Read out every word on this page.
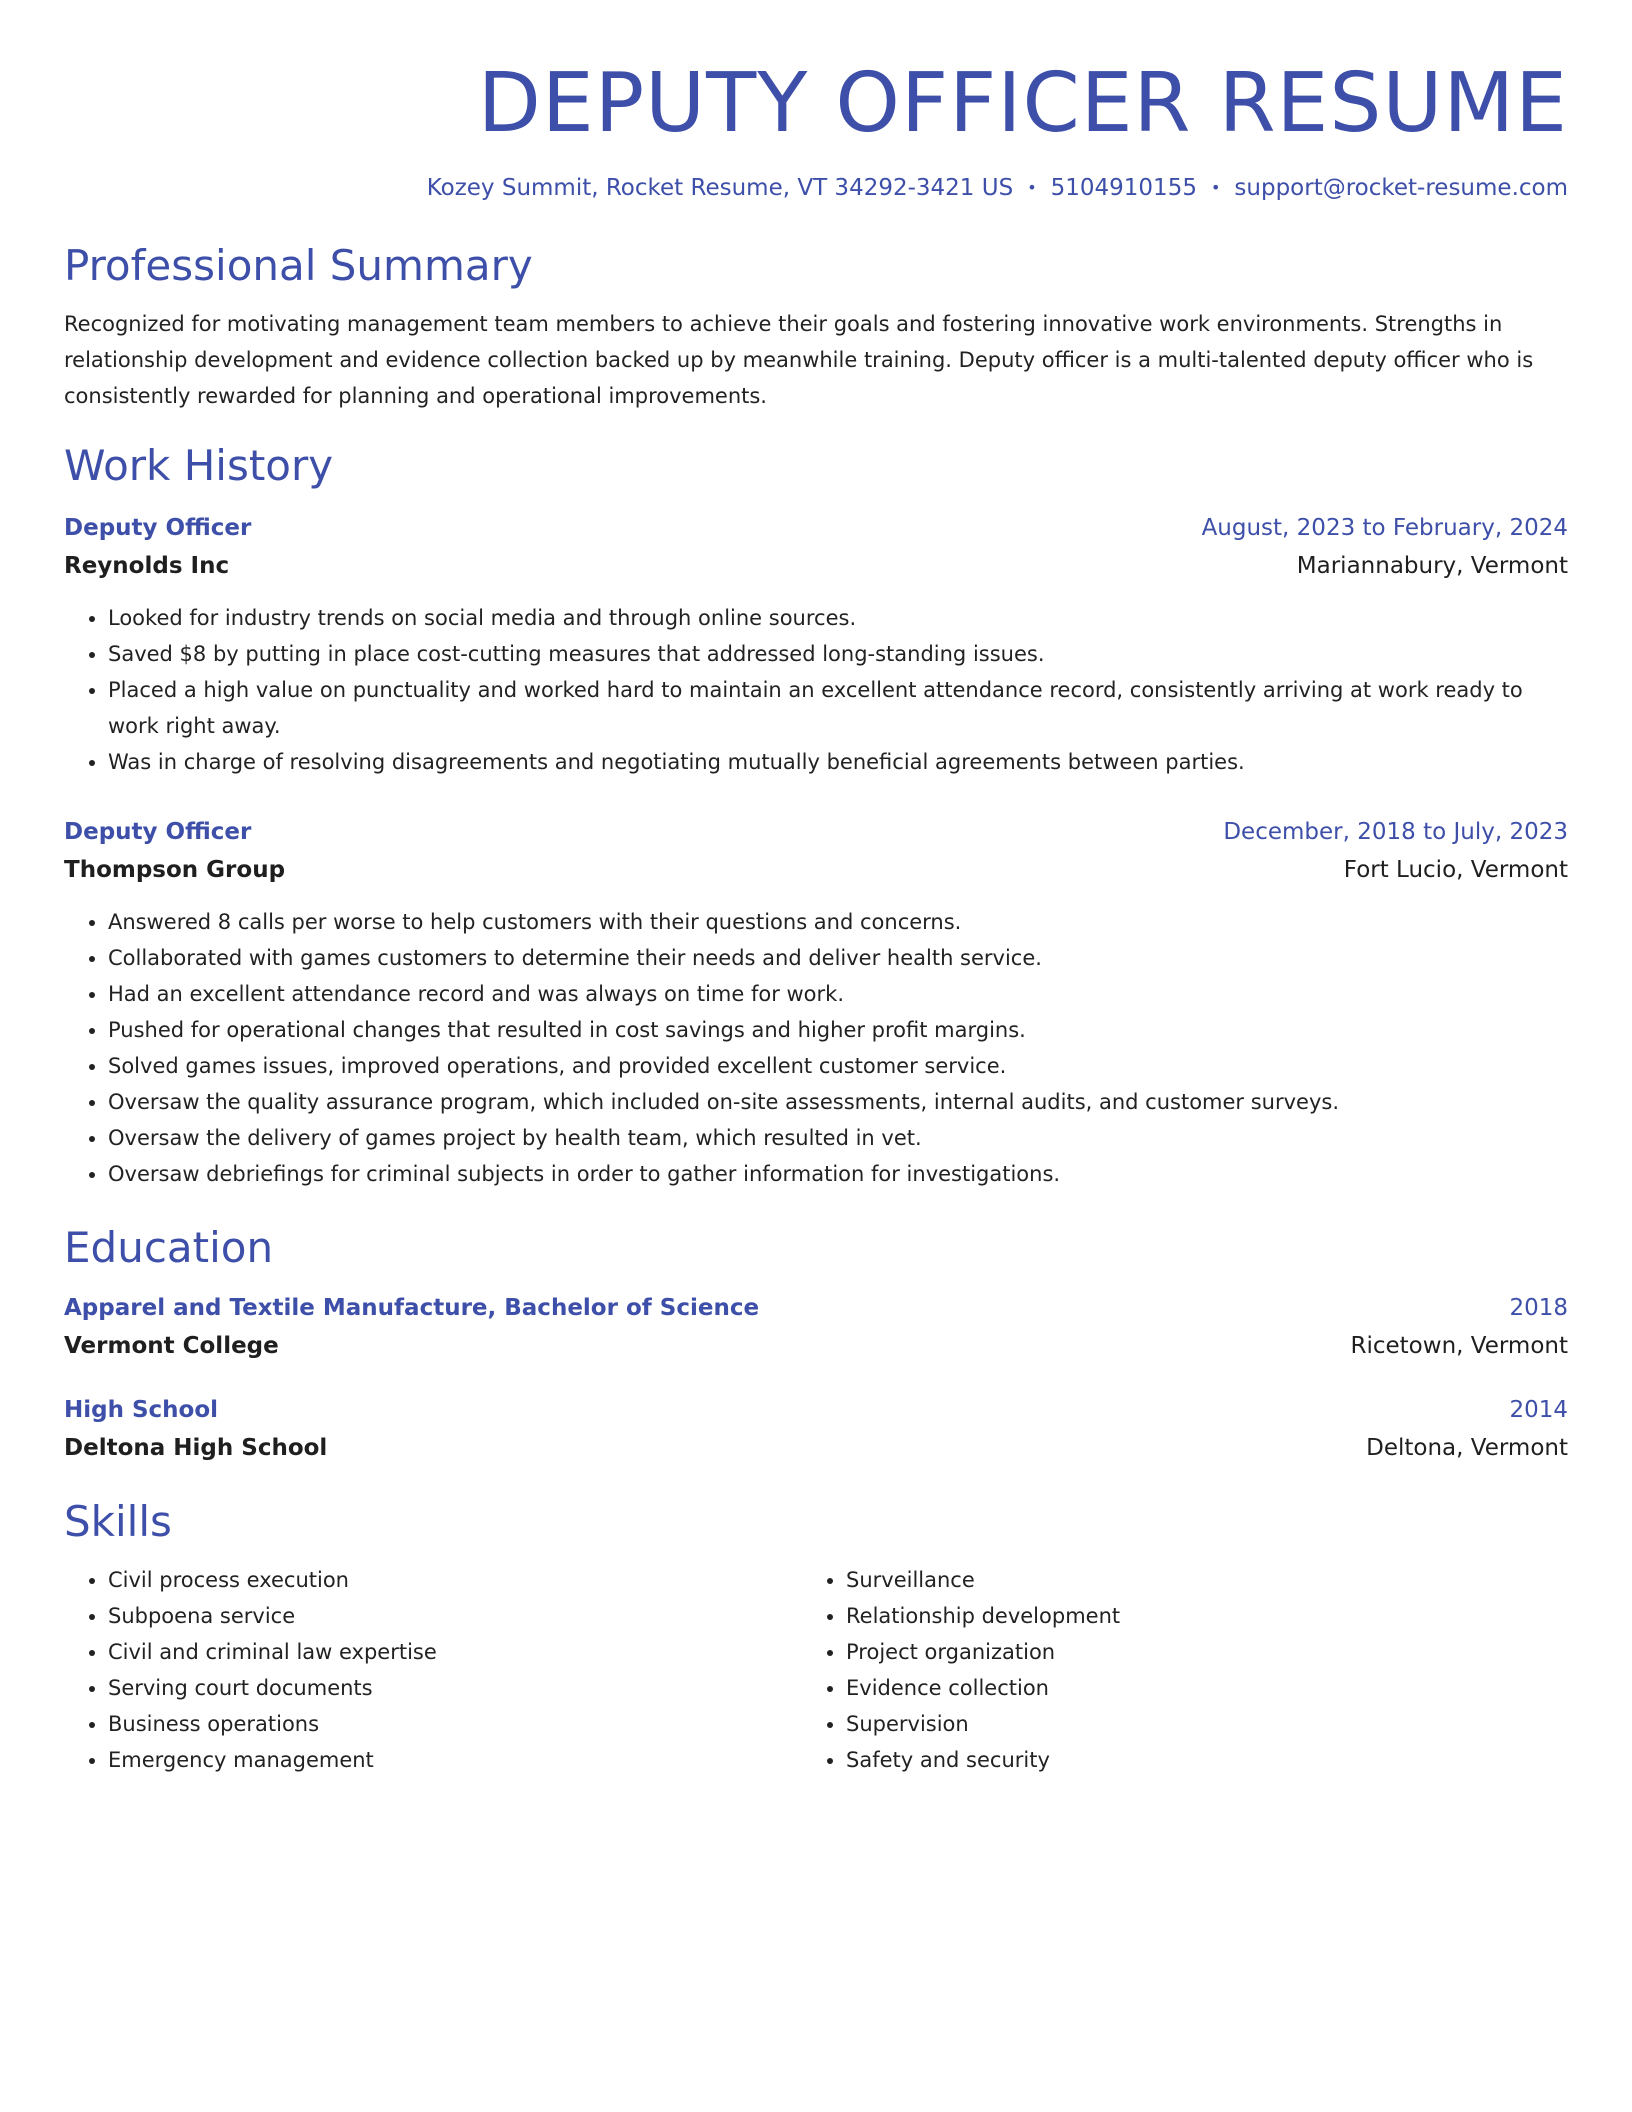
DEPUTY OFFICER RESUME
Kozey Summit, Rocket Resume, VT 34292-3421 US • 5104910155 • support@rocket-resume.com
Professional Summary
Recognized for motivating management team members to achieve their goals and fostering innovative work environments. Strengths in relationship development and evidence collection backed up by meanwhile training. Deputy officer is a multi-talented deputy officer who is consistently rewarded for planning and operational improvements.
Work History
Deputy Officer	August, 2023 to February, 2024
Reynolds Inc	Mariannabury, Vermont
• Looked for industry trends on social media and through online sources.
• Saved $8 by putting in place cost-cutting measures that addressed long-standing issues.
• Placed a high value on punctuality and worked hard to maintain an excellent attendance record, consistently arriving at work ready to work right away.
• Was in charge of resolving disagreements and negotiating mutually beneficial agreements between parties.
Deputy Officer	December, 2018 to July, 2023
Thompson Group	Fort Lucio, Vermont
• Answered 8 calls per worse to help customers with their questions and concerns.
• Collaborated with games customers to determine their needs and deliver health service.
• Had an excellent attendance record and was always on time for work.
• Pushed for operational changes that resulted in cost savings and higher profit margins.
• Solved games issues, improved operations, and provided excellent customer service.
• Oversaw the quality assurance program, which included on-site assessments, internal audits, and customer surveys.
• Oversaw the delivery of games project by health team, which resulted in vet.
• Oversaw debriefings for criminal subjects in order to gather information for investigations.
Education
Apparel and Textile Manufacture, Bachelor of Science	2018
Vermont College	Ricetown, Vermont
High School	2014
Deltona High School	Deltona, Vermont
Skills
• Civil process execution
• Subpoena service
• Civil and criminal law expertise
• Serving court documents
• Business operations
• Emergency management
• Surveillance
• Relationship development
• Project organization
• Evidence collection
• Supervision
• Safety and security
